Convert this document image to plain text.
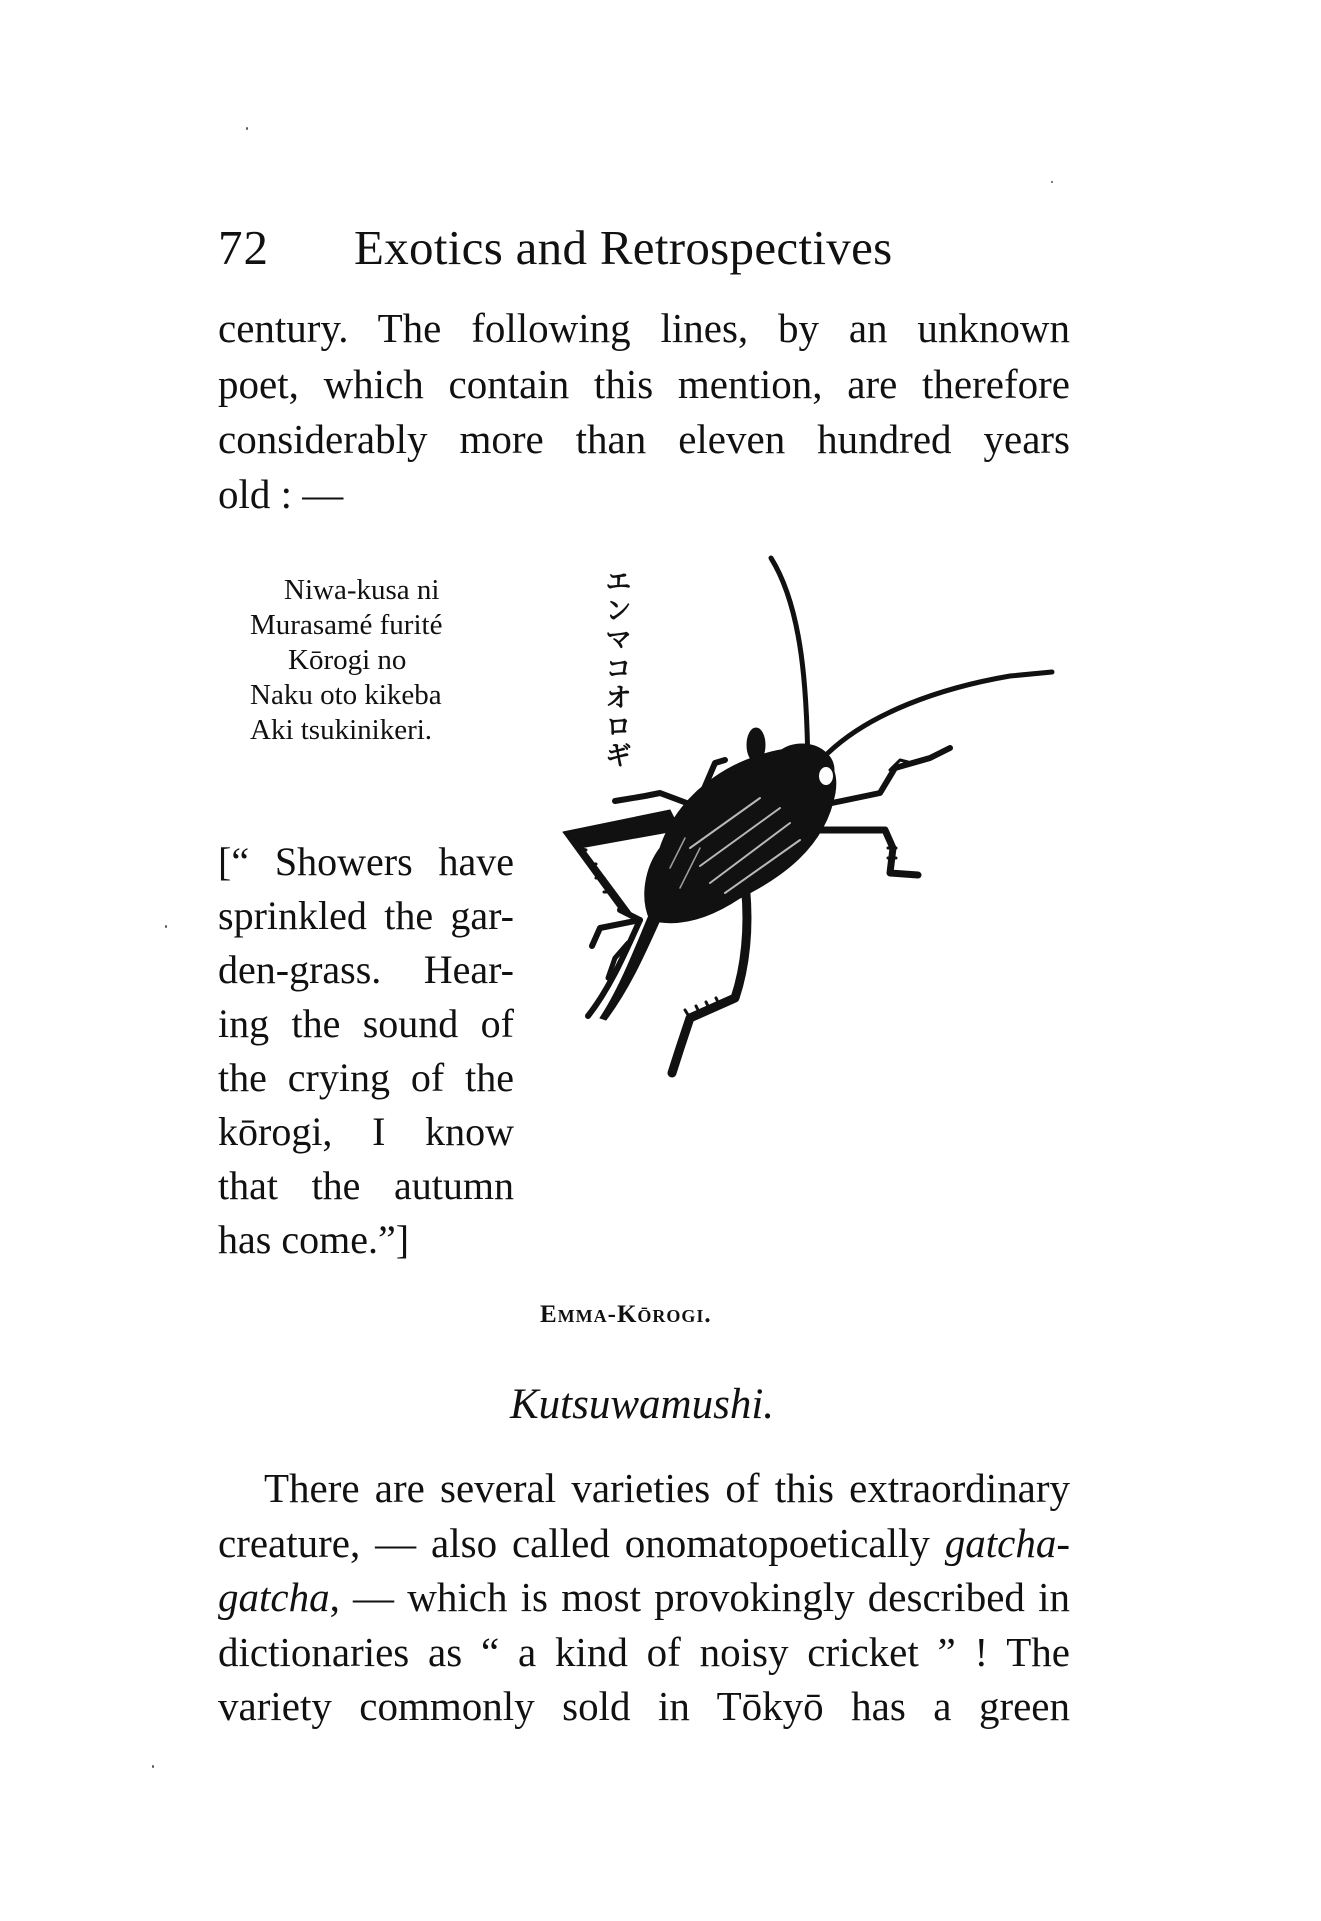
72 Exotics and Retrospectives
century. The following lines, by an unknown
poet, which contain this mention, are therefore
considerably more than eleven hundred years
old : —
Niwa-kusa ni
Murasamé furité
Kōrogi no
Naku oto kikeba
Aki tsukinikeri.
[“ Showers have
sprinkled the gar-
den-grass. Hear-
ing the sound of
the crying of the
kōrogi, I know
that the autumn
has come.”]
エンマコオロギ
Emma-Kōrogi.
Kutsuwamushi.
There are several varieties of this extraordinary
creature, — also called onomatopoetically gatcha-
gatcha, — which is most provokingly described in
dictionaries as “ a kind of noisy cricket ” ! The
variety commonly sold in Tōkyō has a green
